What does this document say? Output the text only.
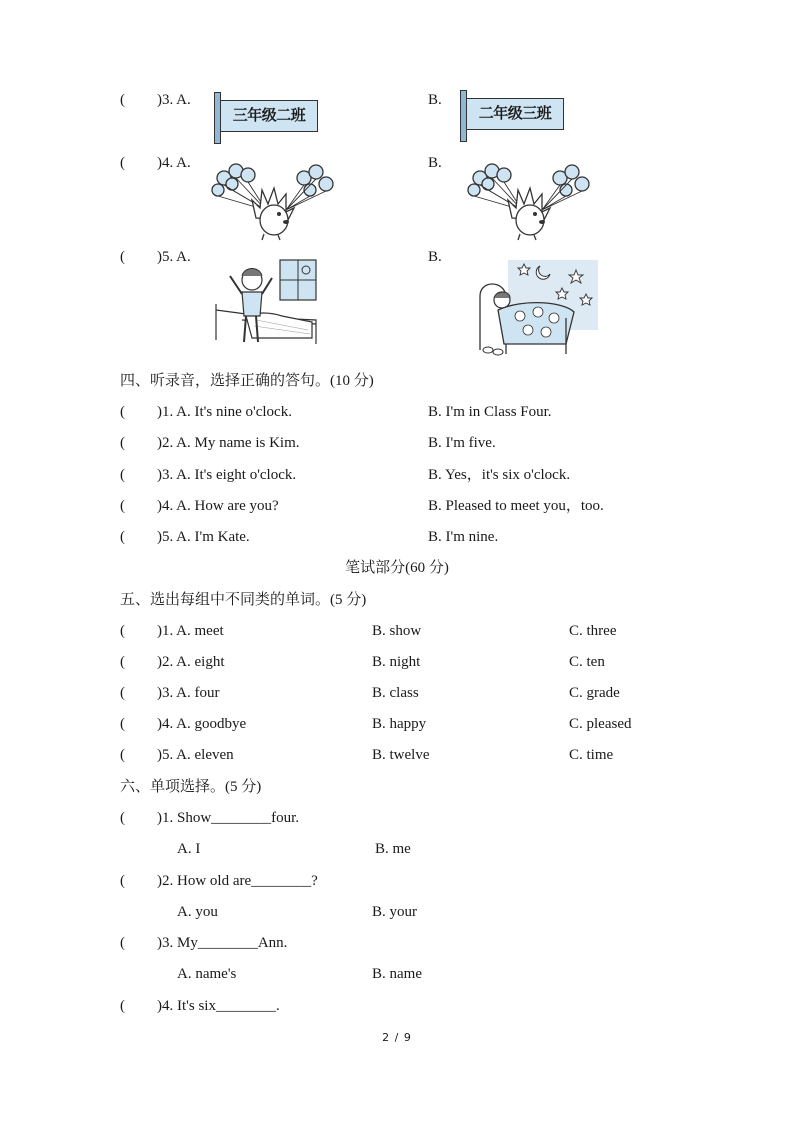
( )3. A.
三年级二班
B.
二年级三班
( )4. A.	B.
( )5. A.	B.
四、听录音，选择正确的答句。(10 分)
( )1. A. It's nine o'clock.	B. I'm in Class Four.
( )2. A. My name is Kim.	B. I'm five.
( )3. A. It's eight o'clock.	B. Yes，it's six o'clock.
( )4. A. How are you?	B. Pleased to meet you，too.
( )5. A. I'm Kate.	B. I'm nine.
笔试部分(60 分)
五、选出每组中不同类的单词。(5 分)
( )1. A. meet	B. show	C. three
( )2. A. eight	B. night	C. ten
( )3. A. four	B. class	C. grade
( )4. A. goodbye	B. happy	C. pleased
( )5. A. eleven	B. twelve	C. time
六、单项选择。(5 分)
( )1. Show________four.
A. I	B. me
( )2. How old are________?
A. you	B. your
( )3. My________Ann.
A. name's	B. name
( )4. It's six________.
2 / 9
